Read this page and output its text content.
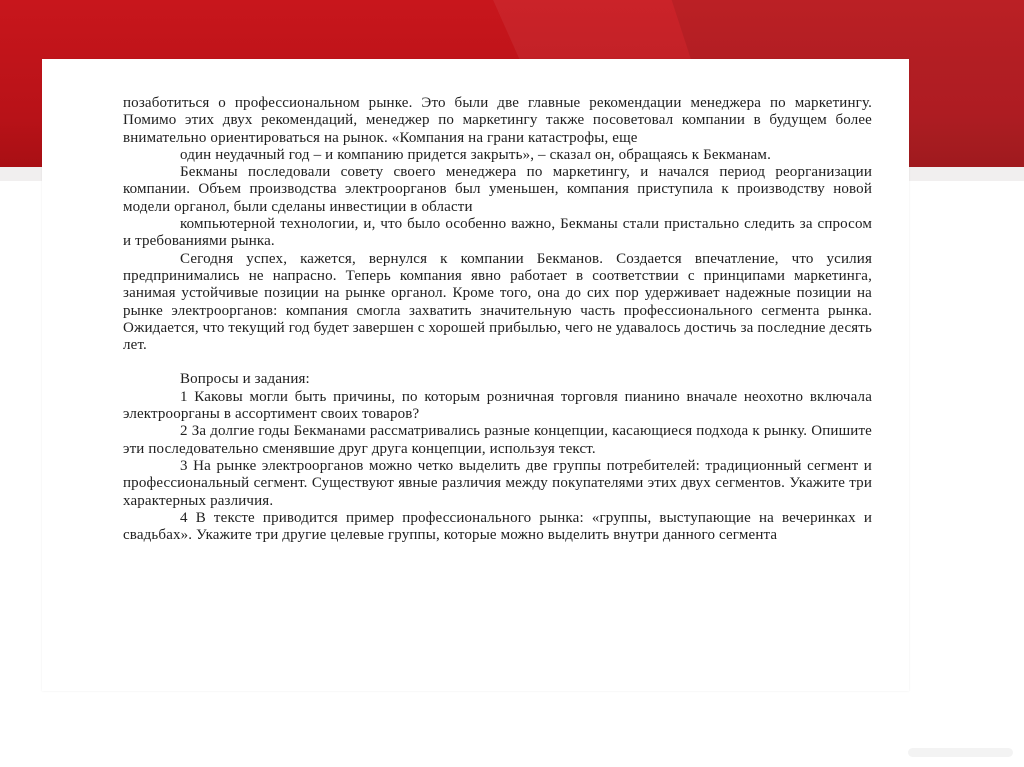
позаботиться о профессиональном рынке. Это были две главные рекомендации менеджера по маркетингу. Помимо этих двух рекомендаций, менеджер по маркетингу также посоветовал компании в будущем более внимательно ориентироваться на рынок. «Компания на грани катастрофы, еще

один неудачный год – и компанию придется закрыть», – сказал он, обращаясь к Бекманам.

Бекманы последовали совету своего менеджера по маркетингу, и начался период реорганизации компании. Объем производства электроорганов был уменьшен, компания приступила к производству новой модели органол, были сделаны инвестиции в области

компьютерной технологии, и, что было особенно важно, Бекманы стали пристально следить за спросом и требованиями рынка.

Сегодня успех, кажется, вернулся к компании Бекманов. Создается впечатление, что усилия предпринимались не напрасно. Теперь компания явно работает в соответствии с принципами маркетинга, занимая устойчивые позиции на рынке органол. Кроме того, она до сих пор удерживает надежные позиции на рынке электроорганов: компания смогла захватить значительную часть профессионального сегмента рынка. Ожидается, что текущий год будет завершен с хорошей прибылью, чего не удавалось достичь за последние десять лет.

Вопросы и задания:

1 Каковы могли быть причины, по которым розничная торговля пианино вначале неохотно включала электроорганы в ассортимент своих товаров?

2 За долгие годы Бекманами рассматривались разные концепции, касающиеся подхода к рынку. Опишите эти последовательно сменявшие друг друга концепции, используя текст.

3 На рынке электроорганов можно четко выделить две группы потребителей: традиционный сегмент и профессиональный сегмент. Существуют явные различия между покупателями этих двух сегментов. Укажите три характерных различия.

4 В тексте приводится пример профессионального рынка: «группы, выступающие на вечеринках и свадьбах». Укажите три другие целевые группы, которые можно выделить внутри данного сегмента
